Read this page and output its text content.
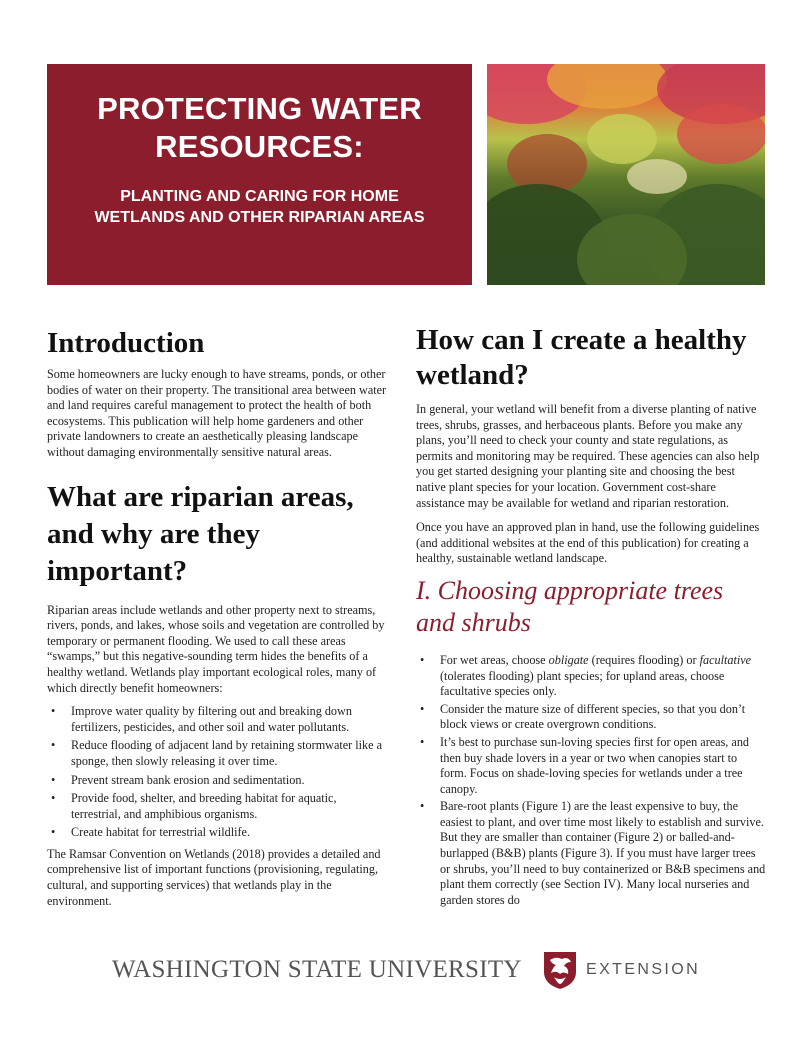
PROTECTING WATER
RESOURCES:
PLANTING AND CARING FOR HOME
WETLANDS AND OTHER RIPARIAN AREAS
Introduction

Some homeowners are lucky enough to have streams, ponds, or other bodies of water on their property. The transitional area between water and land requires careful management to protect the health of both ecosystems. This publication will help home gardeners and other private landowners to create an aesthetically pleasing landscape without damaging environmentally sensitive natural areas.

What are riparian areas, and why are they important?

Riparian areas include wetlands and other property next to streams, rivers, ponds, and lakes, whose soils and vegetation are controlled by temporary or permanent flooding. We used to call these areas “swamps,” but this negative-sounding term hides the benefits of a healthy wetland. Wetlands play important ecological roles, many of which directly benefit homeowners:

• Improve water quality by filtering out and breaking down fertilizers, pesticides, and other soil and water pollutants.
• Reduce flooding of adjacent land by retaining stormwater like a sponge, then slowly releasing it over time.
• Prevent stream bank erosion and sedimentation.
• Provide food, shelter, and breeding habitat for aquatic, terrestrial, and amphibious organisms.
• Create habitat for terrestrial wildlife.

The Ramsar Convention on Wetlands (2018) provides a detailed and comprehensive list of important functions (provisioning, regulating, cultural, and supporting services) that wetlands play in the environment.

How can I create a healthy wetland?

In general, your wetland will benefit from a diverse planting of native trees, shrubs, grasses, and herbaceous plants. Before you make any plans, you’ll need to check your county and state regulations, as permits and monitoring may be required. These agencies can also help you get started designing your planting site and choosing the best native plant species for your location. Government cost-share assistance may be available for wetland and riparian restoration.

Once you have an approved plan in hand, use the following guidelines (and additional websites at the end of this publication) for creating a healthy, sustainable wetland landscape.

I. Choosing appropriate trees and shrubs
• For wet areas, choose obligate (requires flooding) or facultative (tolerates flooding) plant species; for upland areas, choose facultative species only.
• Consider the mature size of different species, so that you don’t block views or create overgrown conditions.
• It’s best to purchase sun-loving species first for open areas, and then buy shade lovers in a year or two when canopies start to form. Focus on shade-loving species for wetlands under a tree canopy.
• Bare-root plants (Figure 1) are the least expensive to buy, the easiest to plant, and over time most likely to establish and survive. But they are smaller than container (Figure 2) or balled-and-burlapped (B&B) plants (Figure 3). If you must have larger trees or shrubs, you’ll need to buy containerized or B&B specimens and plant them correctly (see Section IV). Many local nurseries and garden stores do
WASHINGTON STATE UNIVERSITY	EXTENSION
